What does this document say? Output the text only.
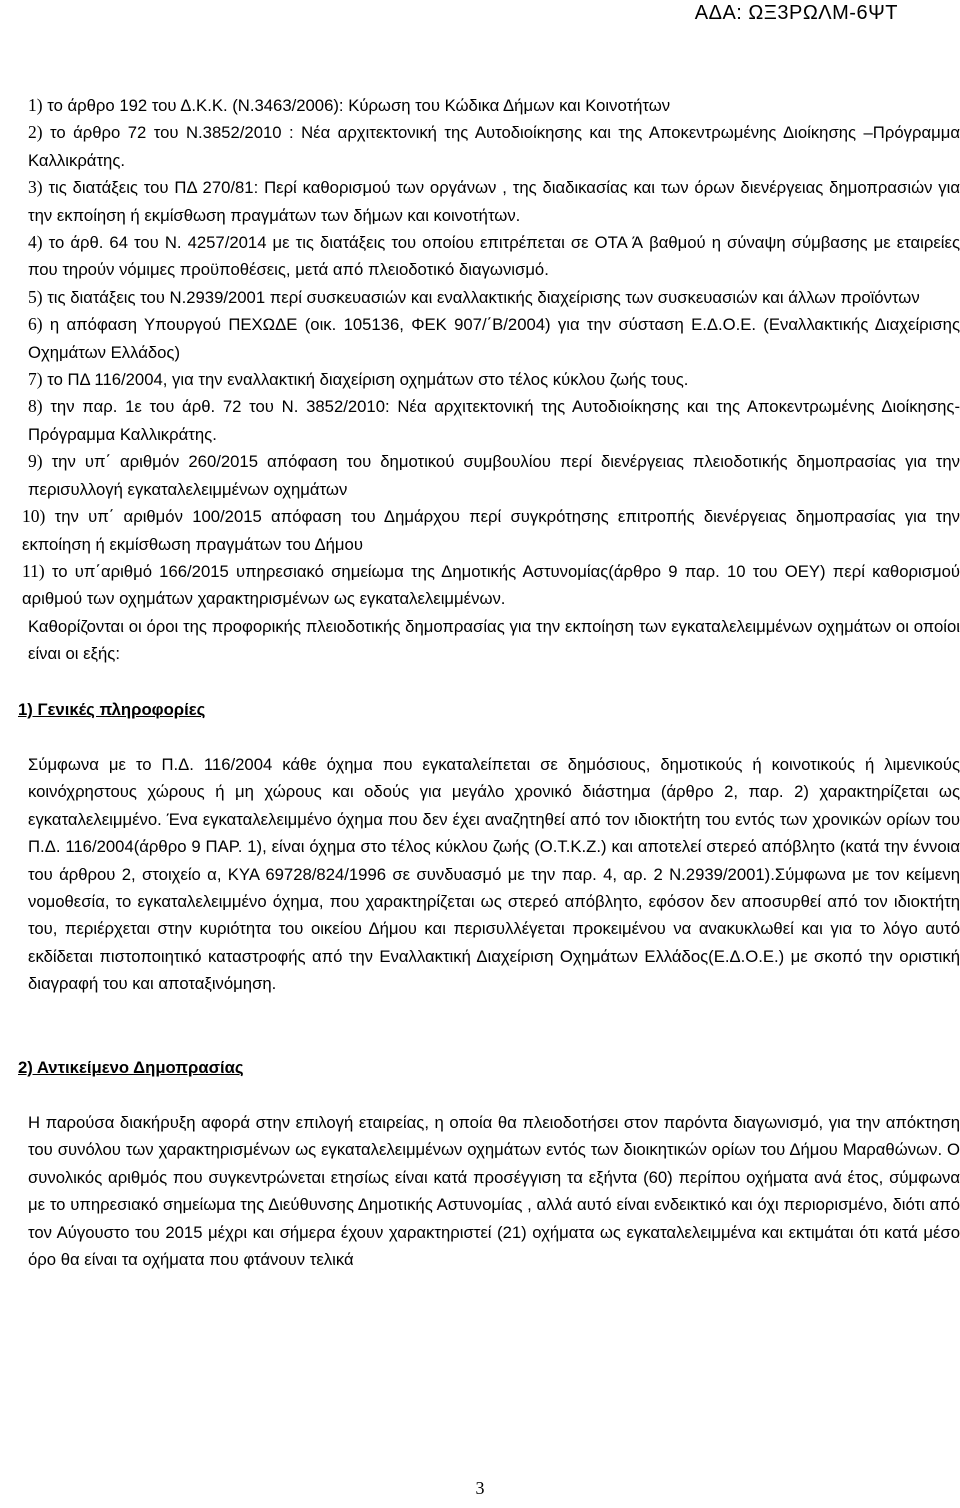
ΑΔΑ: ΩΞ3ΡΩΛΜ-6ΨΤ

1) το άρθρο 192 του Δ.Κ.Κ. (Ν.3463/2006): Κύρωση του Κώδικα Δήμων και Κοινοτήτων

2) το άρθρο 72 του Ν.3852/2010 : Νέα αρχιτεκτονική της Αυτοδιοίκησης και της Αποκεντρωμένης Διοίκησης –Πρόγραμμα Καλλικράτης.

3) τις διατάξεις του ΠΔ 270/81: Περί καθορισμού των οργάνων , της διαδικασίας και των όρων διενέργειας δημοπρασιών για την εκποίηση ή εκμίσθωση πραγμάτων των δήμων και κοινοτήτων.

4) το άρθ. 64 του Ν. 4257/2014 με τις διατάξεις του οποίου επιτρέπεται σε ΟΤΑ Ά βαθμού η σύναψη σύμβασης με εταιρείες που τηρούν νόμιμες προϋποθέσεις, μετά από πλειοδοτικό διαγωνισμό.

5) τις διατάξεις του Ν.2939/2001 περί συσκευασιών και εναλλακτικής διαχείρισης των συσκευασιών και άλλων προϊόντων

6) η απόφαση Υπουργού ΠΕΧΩΔΕ (οικ. 105136, ΦΕΚ 907/΄Β/2004) για την σύσταση Ε.Δ.Ο.Ε. (Εναλλακτικής Διαχείρισης Οχημάτων Ελλάδος)

7) το ΠΔ 116/2004, για την εναλλακτική διαχείριση οχημάτων στο τέλος κύκλου ζωής τους.

8) την παρ. 1ε του άρθ. 72 του Ν. 3852/2010: Νέα αρχιτεκτονική της Αυτοδιοίκησης και της Αποκεντρωμένης Διοίκησης-Πρόγραμμα Καλλικράτης.

9) την υπ΄ αριθμόν 260/2015 απόφαση του δημοτικού συμβουλίου περί διενέργειας πλειοδοτικής δημοπρασίας για την περισυλλογή εγκαταλελειμμένων οχημάτων

10) την υπ΄ αριθμόν 100/2015 απόφαση του Δημάρχου περί συγκρότησης επιτροπής διενέργειας δημοπρασίας για την εκποίηση ή εκμίσθωση πραγμάτων του Δήμου

11) το υπ΄αριθμό 166/2015 υπηρεσιακό σημείωμα της Δημοτικής Αστυνομίας(άρθρο 9 παρ. 10 του ΟΕΥ) περί καθορισμού αριθμού των οχημάτων χαρακτηρισμένων ως εγκαταλελειμμένων.

Καθορίζονται οι όροι της προφορικής πλειοδοτικής δημοπρασίας για την εκποίηση των εγκαταλελειμμένων οχημάτων οι οποίοι είναι οι εξής:

1) Γενικές πληροφορίες

Σύμφωνα με το Π.Δ. 116/2004 κάθε όχημα που εγκαταλείπεται σε δημόσιους, δημοτικούς ή κοινοτικούς ή λιμενικούς κοινόχρηστους χώρους ή μη χώρους και οδούς για μεγάλο χρονικό διάστημα (άρθρο 2, παρ. 2) χαρακτηρίζεται ως εγκαταλελειμμένο. Ένα εγκαταλελειμμένο όχημα που δεν έχει αναζητηθεί από τον ιδιοκτήτη του εντός των χρονικών ορίων του Π.Δ. 116/2004(άρθρο 9 ΠΑΡ. 1), είναι όχημα στο τέλος κύκλου ζωής (Ο.Τ.Κ.Ζ.) και αποτελεί στερεό απόβλητο (κατά την έννοια του άρθρου 2, στοιχείο α, ΚΥΑ 69728/824/1996 σε συνδυασμό με την παρ. 4, αρ. 2 Ν.2939/2001).Σύμφωνα με τον κείμενη νομοθεσία, το εγκαταλελειμμένο όχημα, που χαρακτηρίζεται ως στερεό απόβλητο, εφόσον δεν αποσυρθεί από τον ιδιοκτήτη του, περιέρχεται στην κυριότητα του οικείου Δήμου και περισυλλέγεται προκειμένου να ανακυκλωθεί και για το λόγο αυτό εκδίδεται πιστοποιητικό καταστροφής από την Εναλλακτική Διαχείριση Οχημάτων Ελλάδος(Ε.Δ.Ο.Ε.) με σκοπό την οριστική διαγραφή του και αποταξινόμηση.

2) Αντικείμενο Δημοπρασίας

Η παρούσα διακήρυξη αφορά στην επιλογή εταιρείας, η οποία θα πλειοδοτήσει στον παρόντα διαγωνισμό, για την απόκτηση του συνόλου των χαρακτηρισμένων ως εγκαταλελειμμένων οχημάτων εντός των διοικητικών ορίων του Δήμου Μαραθώνων. Ο συνολικός αριθμός που συγκεντρώνεται ετησίως είναι κατά προσέγγιση τα εξήντα (60) περίπου οχήματα ανά έτος, σύμφωνα με το υπηρεσιακό σημείωμα της Διεύθυνσης Δημοτικής Αστυνομίας , αλλά αυτό είναι ενδεικτικό και όχι περιορισμένο, διότι από τον Αύγουστο του 2015 μέχρι και σήμερα έχουν χαρακτηριστεί (21) οχήματα ως εγκαταλελειμμένα και εκτιμάται ότι κατά μέσο όρο θα είναι τα οχήματα που φτάνουν τελικά

3
